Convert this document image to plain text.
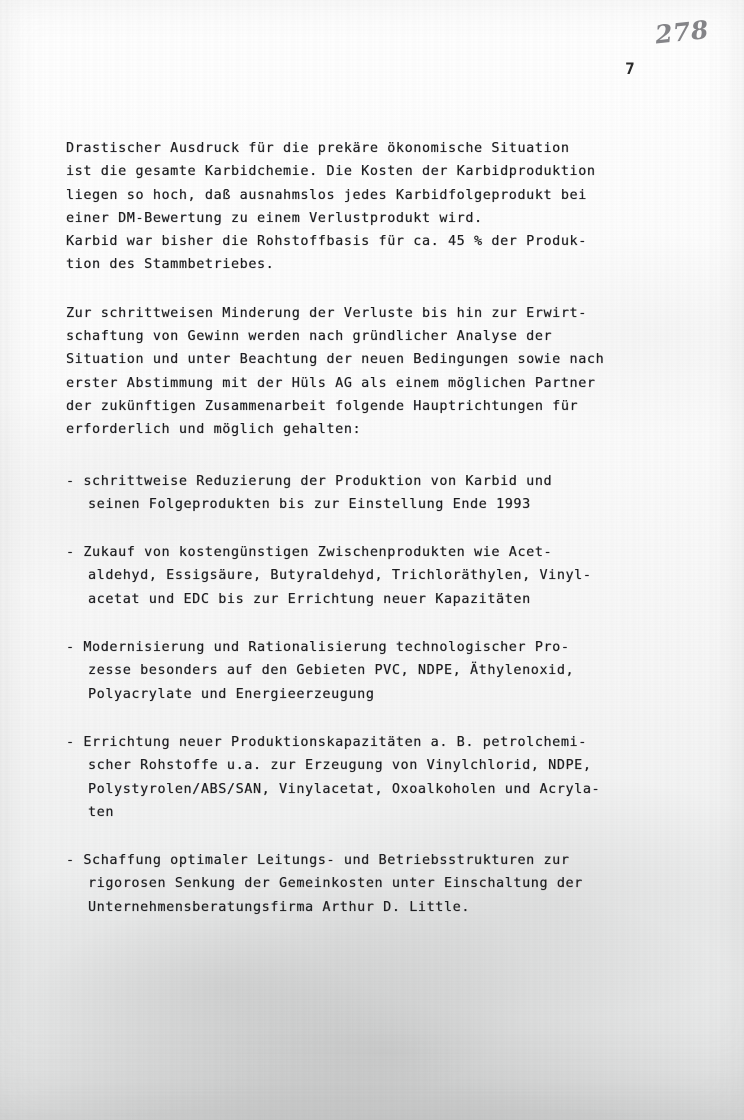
278
7
Drastischer Ausdruck für die prekäre ökonomische Situation
ist die gesamte Karbidchemie. Die Kosten der Karbidproduktion
liegen so hoch, daß ausnahmslos jedes Karbidfolgeprodukt bei
einer DM-Bewertung zu einem Verlustprodukt wird.
Karbid war bisher die Rohstoffbasis für ca. 45 % der Produk-
tion des Stammbetriebes.
Zur schrittweisen Minderung der Verluste bis hin zur Erwirt-
schaftung von Gewinn werden nach gründlicher Analyse der
Situation und unter Beachtung der neuen Bedingungen sowie nach
erster Abstimmung mit der Hüls AG als einem möglichen Partner
der zukünftigen Zusammenarbeit folgende Hauptrichtungen für
erforderlich und möglich gehalten:
- schrittweise Reduzierung der Produktion von Karbid und
seinen Folgeprodukten bis zur Einstellung Ende 1993
- Zukauf von kostengünstigen Zwischenprodukten wie Acet-
aldehyd, Essigsäure, Butyraldehyd, Trichloräthylen, Vinyl-
acetat und EDC bis zur Errichtung neuer Kapazitäten
- Modernisierung und Rationalisierung technologischer Pro-
zesse besonders auf den Gebieten PVC, NDPE, Äthylenoxid,
Polyacrylate und Energieerzeugung
- Errichtung neuer Produktionskapazitäten a. B. petrolchemi-
scher Rohstoffe u.a. zur Erzeugung von Vinylchlorid, NDPE,
Polystyrolen/ABS/SAN, Vinylacetat, Oxoalkoholen und Acryla-
ten
- Schaffung optimaler Leitungs- und Betriebsstrukturen zur
rigorosen Senkung der Gemeinkosten unter Einschaltung der
Unternehmensberatungsfirma Arthur D. Little.
